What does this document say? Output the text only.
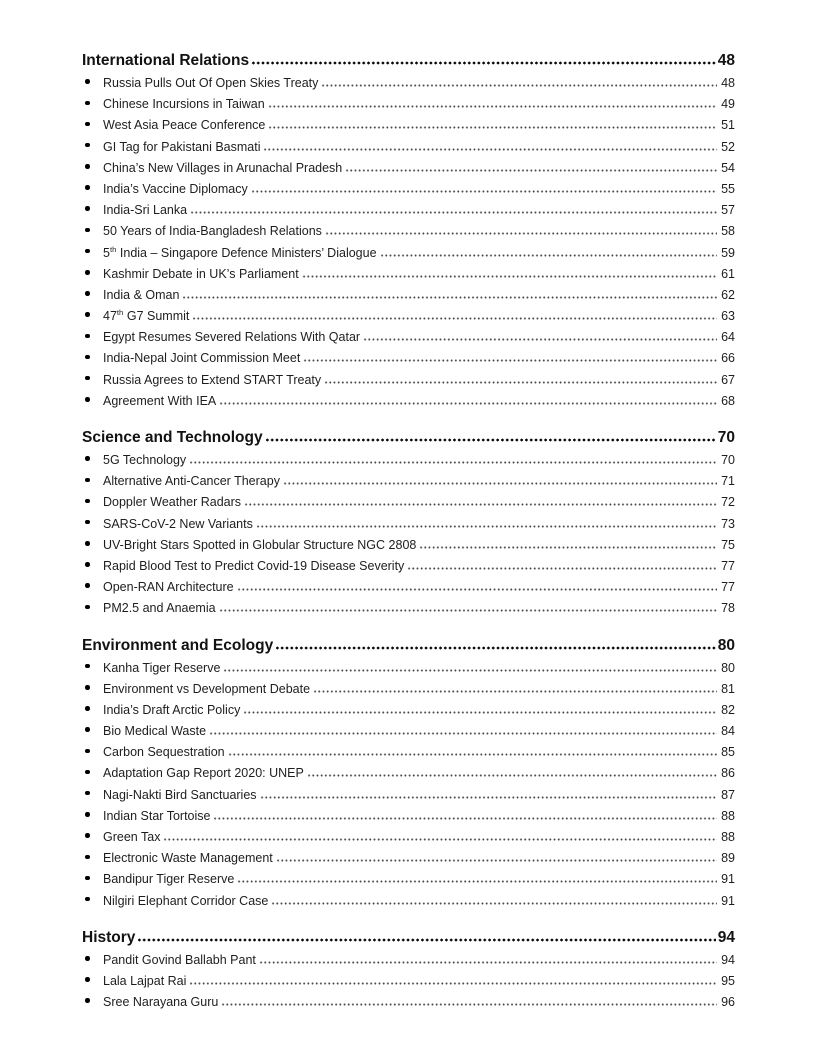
International Relations	48
Russia Pulls Out Of Open Skies Treaty	48
Chinese Incursions in Taiwan	49
West Asia Peace Conference	51
GI Tag for Pakistani Basmati	52
China’s New Villages in Arunachal Pradesh	54
India’s Vaccine Diplomacy	55
India-Sri Lanka	57
50 Years of India-Bangladesh Relations	58
5th India – Singapore Defence Ministers’ Dialogue	59
Kashmir Debate in UK’s Parliament	61
India & Oman	62
47th G7 Summit	63
Egypt Resumes Severed Relations With Qatar	64
India-Nepal Joint Commission Meet	66
Russia Agrees to Extend START Treaty	67
Agreement With IEA	68
Science and Technology	70
5G Technology	70
Alternative Anti-Cancer Therapy	71
Doppler Weather Radars	72
SARS-CoV-2 New Variants	73
UV-Bright Stars Spotted in Globular Structure NGC 2808	75
Rapid Blood Test to Predict Covid-19 Disease Severity	77
Open-RAN Architecture	77
PM2.5 and Anaemia	78
Environment and Ecology	80
Kanha Tiger Reserve	80
Environment vs Development Debate	81
India’s Draft Arctic Policy	82
Bio Medical Waste	84
Carbon Sequestration	85
Adaptation Gap Report 2020: UNEP	86
Nagi-Nakti Bird Sanctuaries	87
Indian Star Tortoise	88
Green Tax	88
Electronic Waste Management	89
Bandipur Tiger Reserve	91
Nilgiri Elephant Corridor Case	91
History	94
Pandit Govind Ballabh Pant	94
Lala Lajpat Rai	95
Sree Narayana Guru	96
